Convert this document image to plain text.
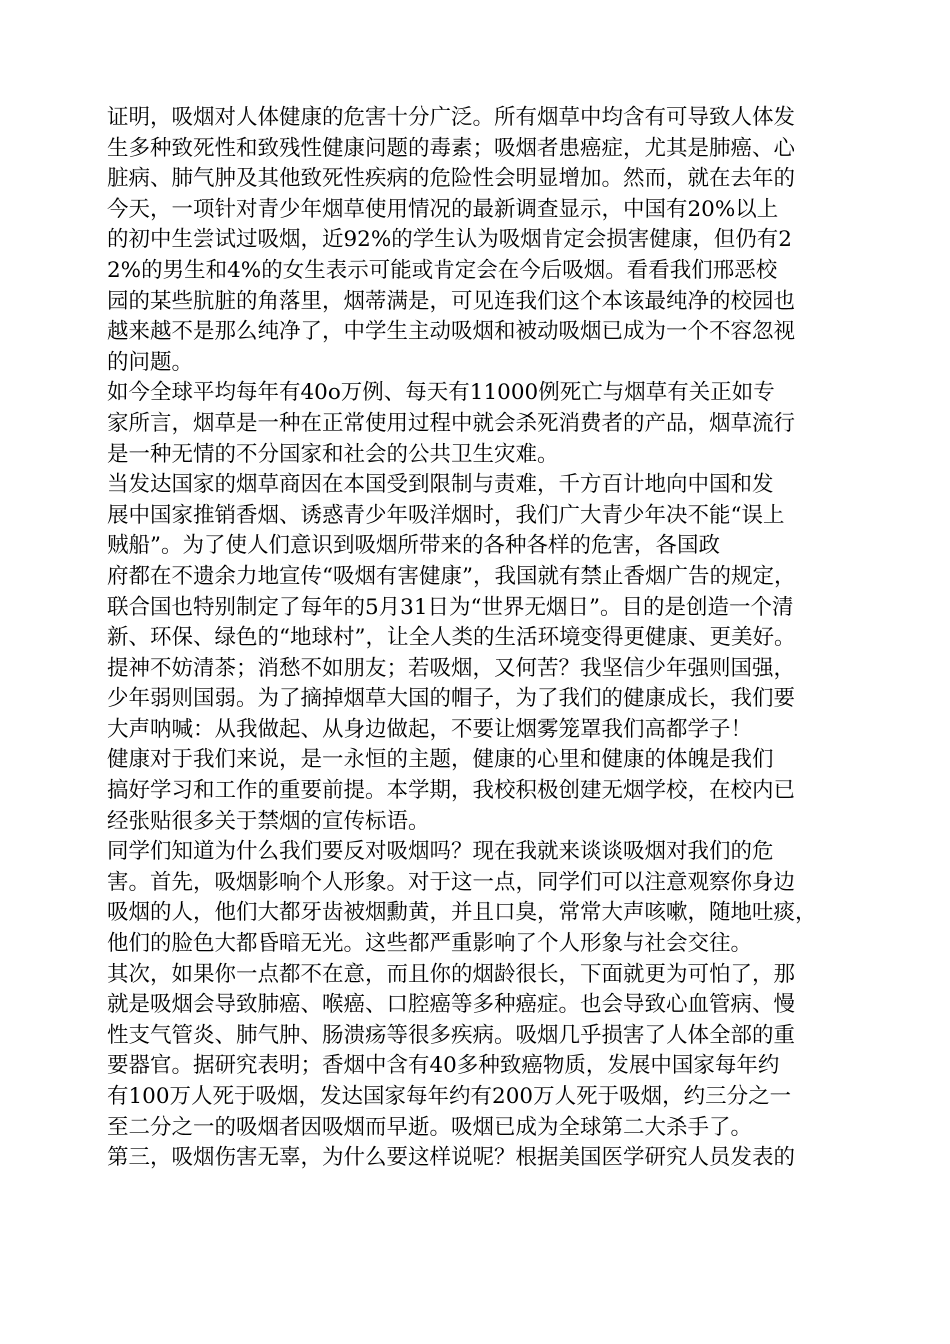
证明，吸烟对人体健康的危害十分广泛。所有烟草中均含有可导致人体发
生多种致死性和致残性健康问题的毒素；吸烟者患癌症，尤其是肺癌、心
脏病、肺气肿及其他致死性疾病的危险性会明显增加。然而，就在去年的
今天，一项针对青少年烟草使用情况的最新调查显示，中国有20%以上
的初中生尝试过吸烟，近92%的学生认为吸烟肯定会损害健康，但仍有2
2%的男生和4%的女生表示可能或肯定会在今后吸烟。看看我们邢恶校
园的某些肮脏的角落里，烟蒂满是，可见连我们这个本该最纯净的校园也
越来越不是那么纯净了，中学生主动吸烟和被动吸烟已成为一个不容忽视
的问题。
如今全球平均每年有40o万例、每天有11000例死亡与烟草有关正如专
家所言，烟草是一种在正常使用过程中就会杀死消费者的产品，烟草流行
是一种无情的不分国家和社会的公共卫生灾难。
当发达国家的烟草商因在本国受到限制与责难，千方百计地向中国和发
展中国家推销香烟、诱惑青少年吸洋烟时，我们广大青少年决不能“误上
贼船”。为了使人们意识到吸烟所带来的各种各样的危害，各国政
府都在不遗余力地宣传“吸烟有害健康”，我国就有禁止香烟广告的规定，
联合国也特别制定了每年的5月31日为“世界无烟日”。目的是创造一个清
新、环保、绿色的“地球村”，让全人类的生活环境变得更健康、更美好。
提神不妨清茶；消愁不如朋友；若吸烟，又何苦？我坚信少年强则国强，
少年弱则国弱。为了摘掉烟草大国的帽子，为了我们的健康成长，我们要
大声呐喊：从我做起、从身边做起，不要让烟雾笼罩我们高都学子！
健康对于我们来说，是一永恒的主题，健康的心里和健康的体魄是我们
搞好学习和工作的重要前提。本学期，我校积极创建无烟学校，在校内已
经张贴很多关于禁烟的宣传标语。
同学们知道为什么我们要反对吸烟吗？现在我就来谈谈吸烟对我们的危
害。首先，吸烟影响个人形象。对于这一点，同学们可以注意观察你身边
吸烟的人，他们大都牙齿被烟勳黄，并且口臭，常常大声咳嗽，随地吐痰，
他们的脸色大都昏暗无光。这些都严重影响了个人形象与社会交往。
其次，如果你一点都不在意，而且你的烟龄很长，下面就更为可怕了，那
就是吸烟会导致肺癌、喉癌、口腔癌等多种癌症。也会导致心血管病、慢
性支气管炎、肺气肿、肠溃疡等很多疾病。吸烟几乎损害了人体全部的重
要器官。据研究表明；香烟中含有40多种致癌物质，发展中国家每年约
有100万人死于吸烟，发达国家每年约有200万人死于吸烟，约三分之一
至二分之一的吸烟者因吸烟而早逝。吸烟已成为全球第二大杀手了。
第三，吸烟伤害无辜，为什么要这样说呢？根据美国医学研究人员发表的
